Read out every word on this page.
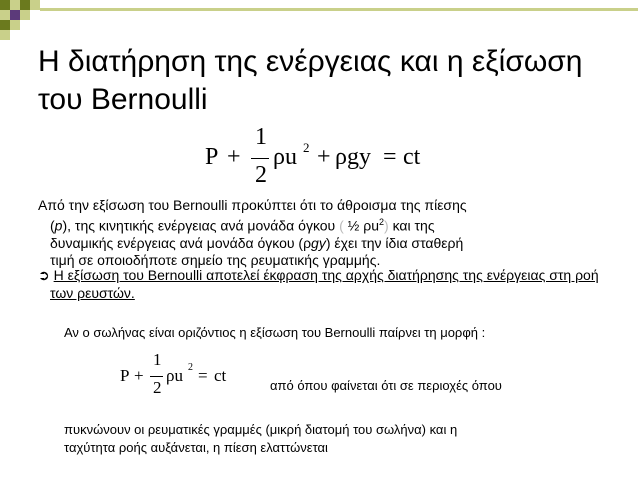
Η διατήρηση της ενέργειας και η εξίσωση του Bernoulli
P +
1
2
ρu 2 + ρgy = ct
Από την εξίσωση του Bernoulli προκύπτει ότι το άθροισμα της πίεσης
(p), της κινητικής ενέργειας ανά μονάδα όγκου ( ½ $\rho u^2$) και της
δυναμικής ενέργειας ανά μονάδα όγκου (ρgy) έχει την ίδια σταθερή
τιμή σε οποιοδήποτε σημείο της ρευματικής γραμμής.
➲ Η εξίσωση του Bernoulli αποτελεί έκφραση της αρχής διατήρησης της ενέργειας στη ροή των ρευστών.
Αν ο σωλήνας είναι οριζόντιος η εξίσωση του Bernoulli παίρνει τη μορφή :
P +
1
2
ρu 2 = ct
από όπου φαίνεται ότι σε περιοχές όπου
πυκνώνουν οι ρευματικές γραμμές (μικρή διατομή του σωλήνα) και η
ταχύτητα ροής αυξάνεται, η πίεση ελαττώνεται
